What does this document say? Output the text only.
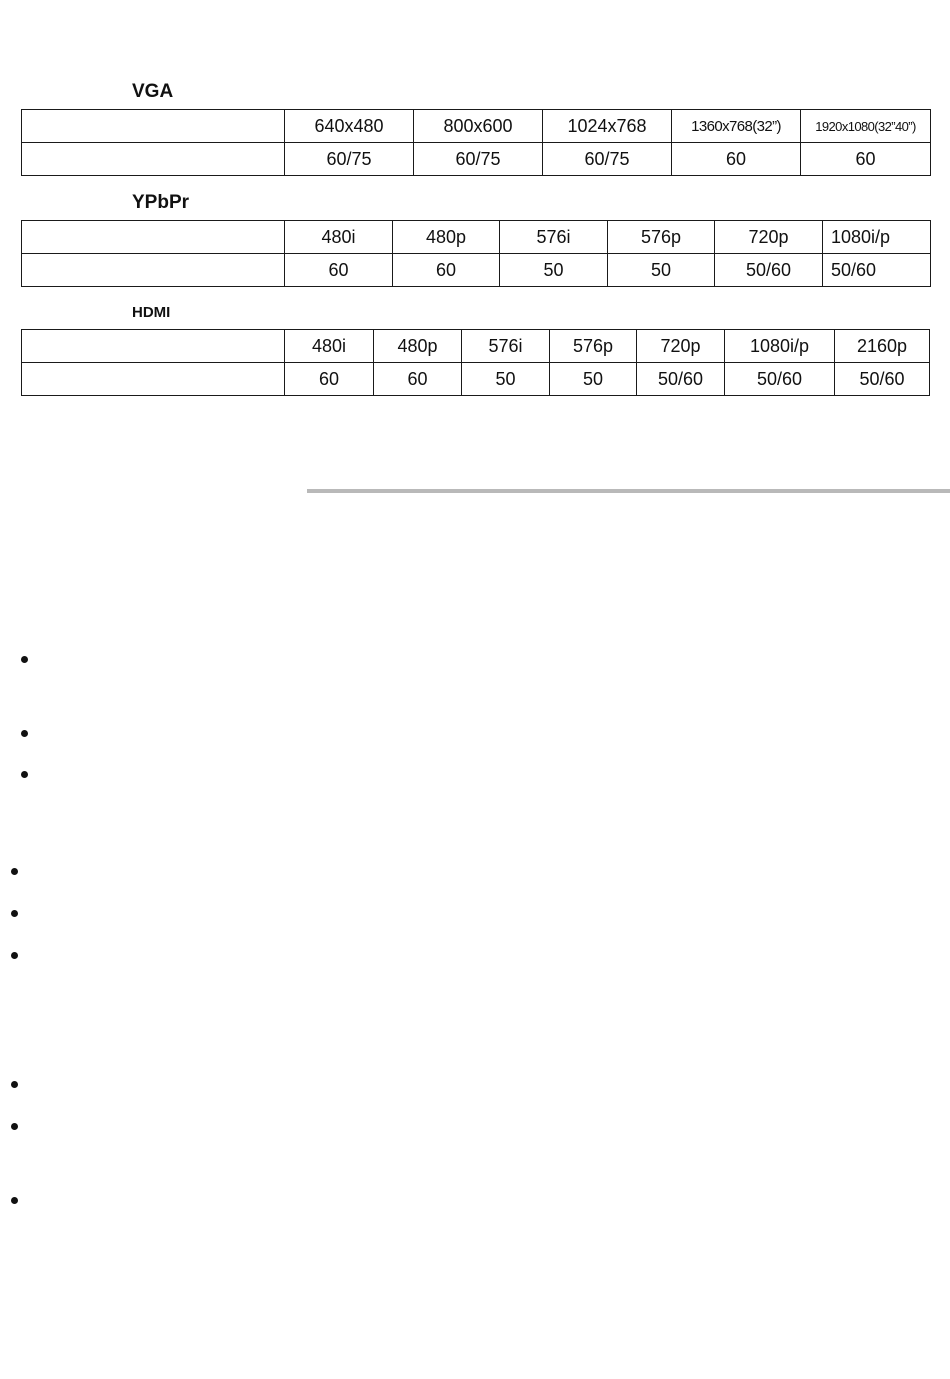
VGA
	640x480	800x600	1024x768	1360x768(32”)	1920x1080(32”40”)
	60/75	60/75	60/75	60	60
YPbPr
	480i	480p	576i	576p	720p	1080i/p
	60	60	50	50	50/60	50/60
HDMI
	480i	480p	576i	576p	720p	1080i/p	2160p
	60	60	50	50	50/60	50/60	50/60
